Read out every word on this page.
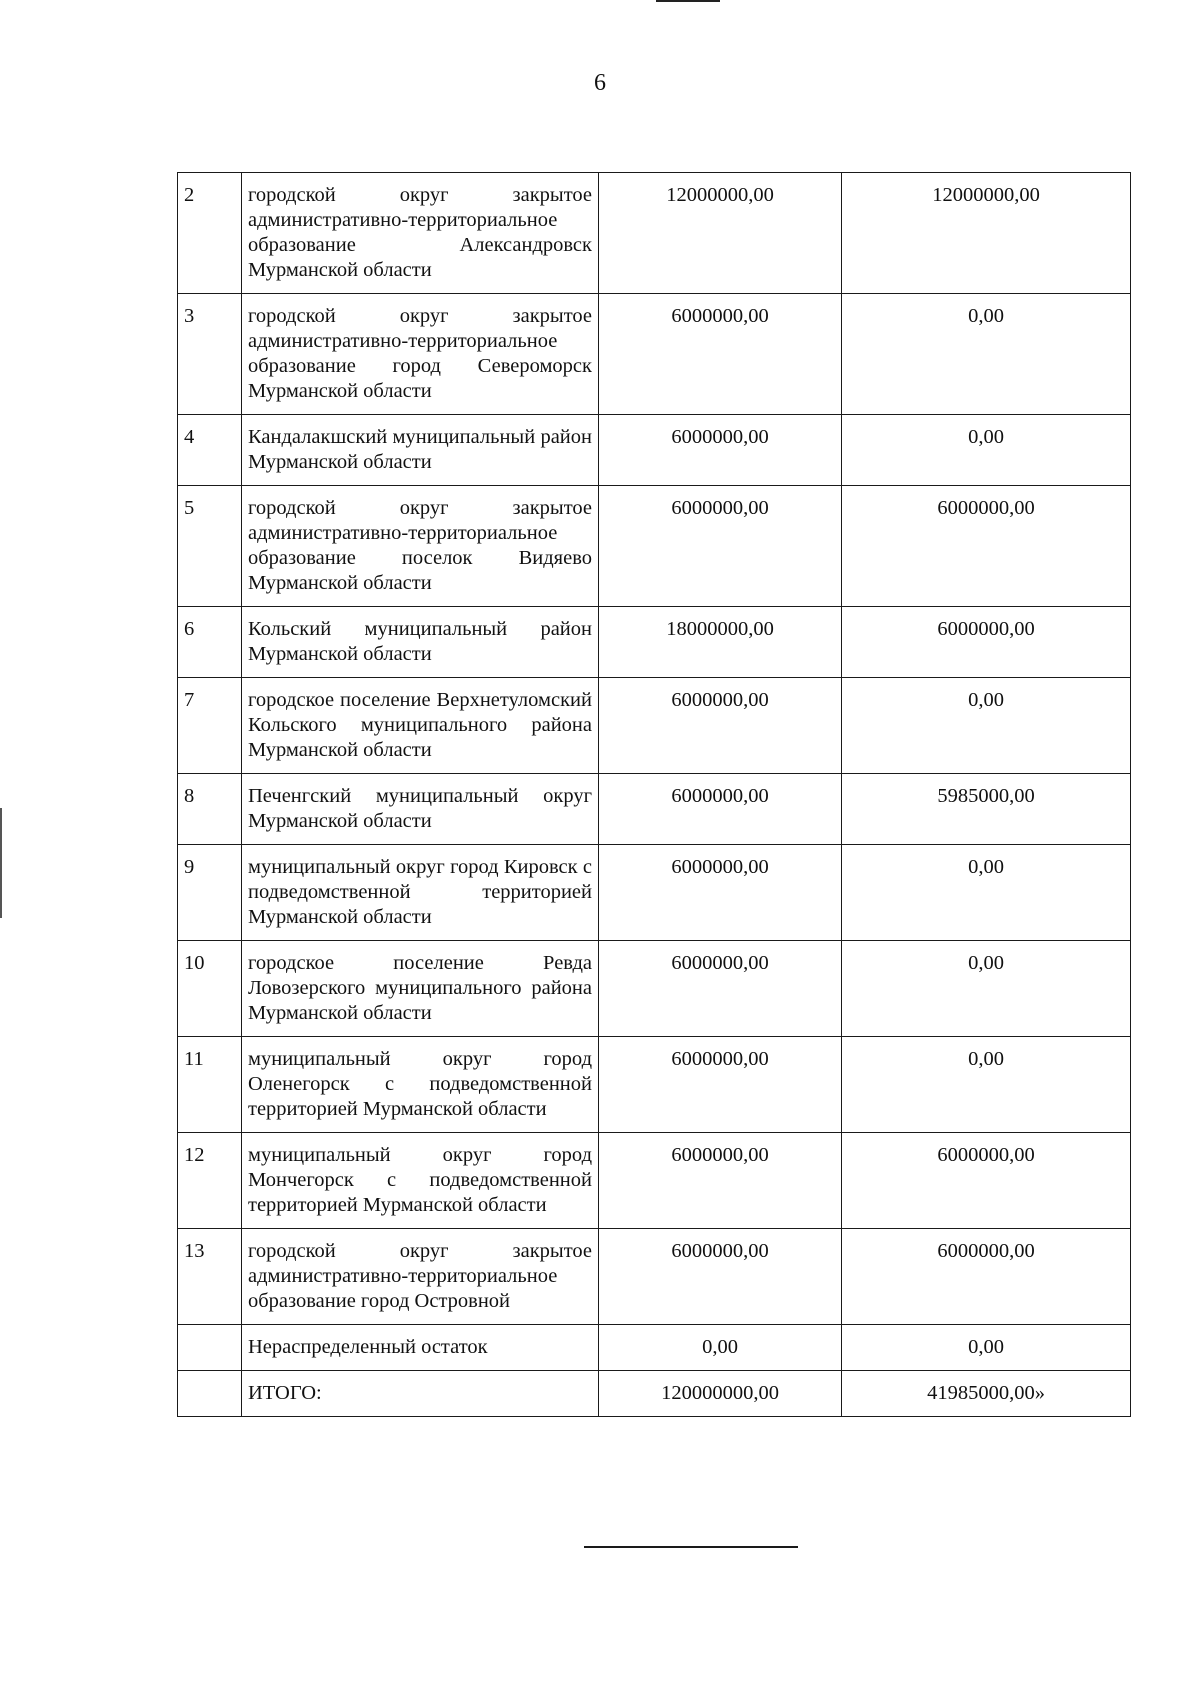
6
2	городской округ закрытое административно-территориальное образование Александровск Мурманской области	12000000,00	12000000,00
3	городской округ закрытое административно-территориальное образование город Североморск Мурманской области	6000000,00	0,00
4	Кандалакшский муниципальный район Мурманской области	6000000,00	0,00
5	городской округ закрытое административно-территориальное образование поселок Видяево Мурманской области	6000000,00	6000000,00
6	Кольский муниципальный район Мурманской области	18000000,00	6000000,00
7	городское поселение Верхнетуломский Кольского муниципального района Мурманской области	6000000,00	0,00
8	Печенгский муниципальный округ Мурманской области	6000000,00	5985000,00
9	муниципальный округ город Кировск с подведомственной территорией Мурманской области	6000000,00	0,00
10	городское поселение Ревда Ловозерского муниципального района Мурманской области	6000000,00	0,00
11	муниципальный округ город Оленегорск с подведомственной территорией Мурманской области	6000000,00	0,00
12	муниципальный округ город Мончегорск с подведомственной территорией Мурманской области	6000000,00	6000000,00
13	городской округ закрытое административно-территориальное образование город Островной	6000000,00	6000000,00
	Нераспределенный остаток	0,00	0,00
	ИТОГО:	120000000,00	41985000,00»
